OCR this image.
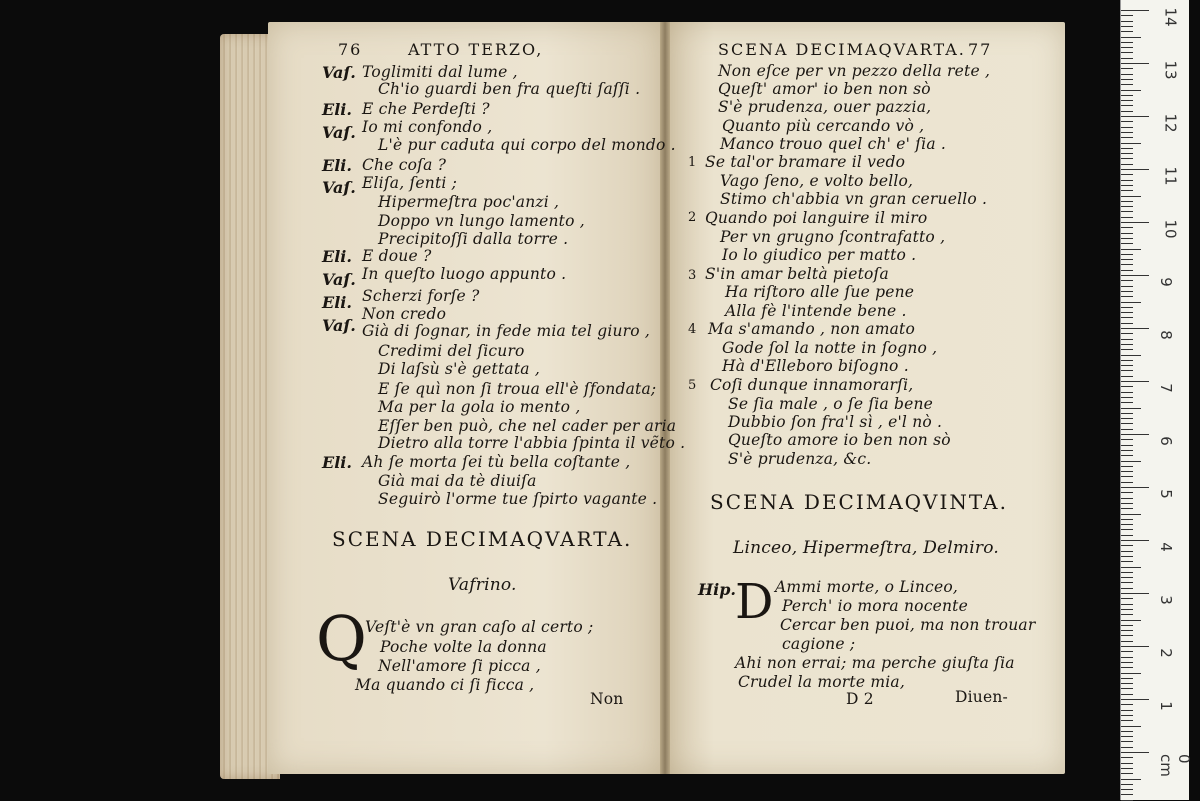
76	ATTO TERZO,
Vaſ.
Eli.
Vaſ.
Eli.
Vaſ.
Eli.
Vaſ.
Eli.
Vaſ.
Eli.
Toglimiti dal lume ,
Ch'io guardi ben fra queſti ſaſſi .
E che Perdeſti ?
Io mi confondo ,
L'è pur caduta qui corpo del mondo .
Che coſa ?
Eliſa, ſenti ;
Hipermeſtra poc'anzi ,
Doppo vn lungo lamento ,
Precipitoſſi dalla torre .
E doue ?
In queſto luogo appunto .
Scherzi forſe ?
Non credo
Già di ſognar, in fede mia tel giuro ,
Credimi del ſicuro
Di laſsù s'è gettata ,
E ſe quì non ſi troua ell'è ſfondata;
Ma per la gola io mento ,
Eſſer ben può, che nel cader per aria
Dietro alla torre l'abbia ſpinta il vẽto .
Ah ſe morta ſei tù bella coſtante ,
Già mai da tè diuiſa
Seguirò l'orme tue ſpirto vagante .
SCENA DECIMAQVARTA.
Vafrino.
Q
Veſt'è vn gran caſo al certo ;
Poche volte la donna
Nell'amore ſi picca ,
Ma quando ci ſi ficca ,
Non
SCENA DECIMAQVARTA. 77
Non eſce per vn pezzo della rete ,
Queſt' amor' io ben non sò
S'è prudenza, ouer pazzia,
Quanto più cercando vò ,
Manco trouo quel ch' e' ſia .
Se tal'or bramare il vedo
Vago ſeno, e volto bello,
Stimo ch'abbia vn gran ceruello .
Quando poi languire il miro
Per vn grugno ſcontrafatto ,
Io lo giudico per matto .
S'in amar beltà pietoſa
Ha riſtoro alle ſue pene
Alla fè l'intende bene .
Ma s'amando , non amato
Gode ſol la notte in ſogno ,
Hà d'Elleboro biſogno .
Coſi dunque innamorarſi,
Se ſia male , o ſe ſia bene
Dubbio ſon fra'l sì , e'l nò .
Queſto amore io ben non sò
S'è prudenza, &c.
1
2
3
4
5
SCENA DECIMAQVINTA.
Linceo, Hipermeſtra, Delmiro.
Hip. D Ammi morte, o Linceo,
Perch' io mora nocente
Cercar ben puoi, ma non trouar
cagione ;
Ahi non errai; ma perche giuſta ſia
Crudel la morte mia,
D 2	Diuen-
14
13
12
11
10
9
8
7
6
5
4
3
2
1
0 cm
